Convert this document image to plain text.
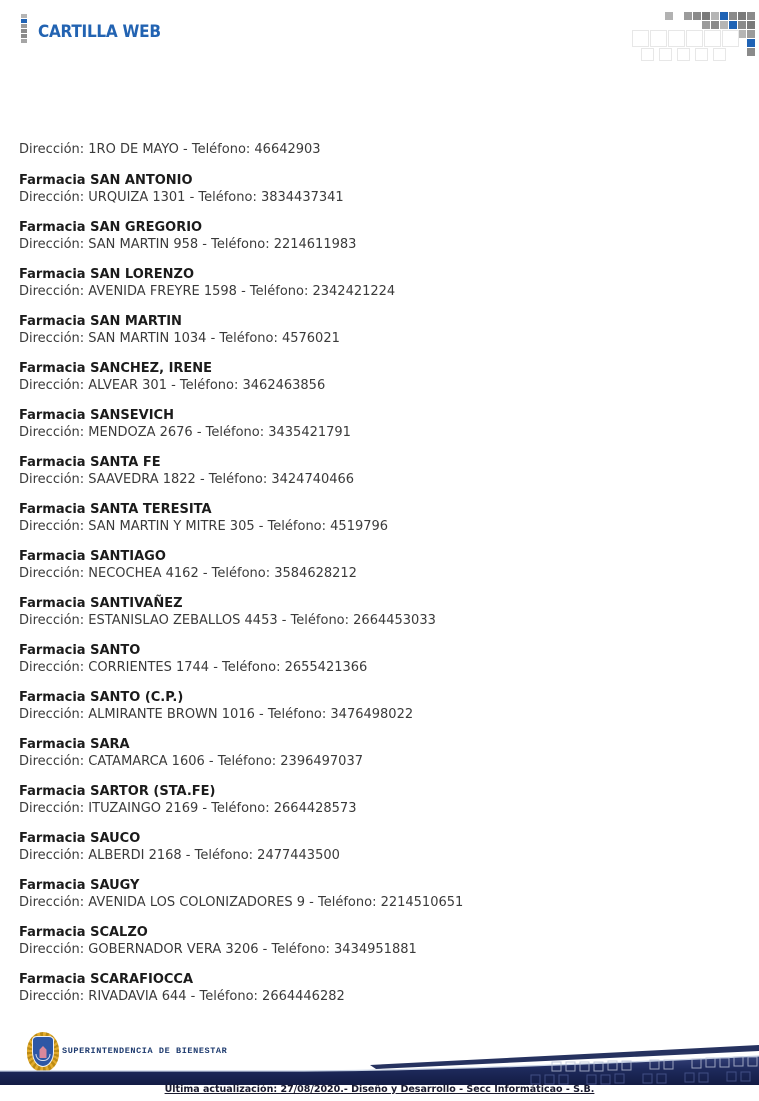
CARTILLA WEB
Dirección: 1RO DE MAYO - Teléfono: 46642903
Farmacia SAN ANTONIO
Dirección: URQUIZA 1301 - Teléfono: 3834437341
Farmacia SAN GREGORIO
Dirección: SAN MARTIN 958 - Teléfono: 2214611983
Farmacia SAN LORENZO
Dirección: AVENIDA FREYRE 1598 - Teléfono: 2342421224
Farmacia SAN MARTIN
Dirección: SAN MARTIN 1034 - Teléfono: 4576021
Farmacia SANCHEZ, IRENE
Dirección: ALVEAR 301 - Teléfono: 3462463856
Farmacia SANSEVICH
Dirección: MENDOZA 2676 - Teléfono: 3435421791
Farmacia SANTA FE
Dirección: SAAVEDRA 1822 - Teléfono: 3424740466
Farmacia SANTA TERESITA
Dirección: SAN MARTIN Y MITRE 305 - Teléfono: 4519796
Farmacia SANTIAGO
Dirección: NECOCHEA 4162 - Teléfono: 3584628212
Farmacia SANTIVAÑEZ
Dirección: ESTANISLAO ZEBALLOS 4453 - Teléfono: 2664453033
Farmacia SANTO
Dirección: CORRIENTES 1744 - Teléfono: 2655421366
Farmacia SANTO (C.P.)
Dirección: ALMIRANTE BROWN 1016 - Teléfono: 3476498022
Farmacia SARA
Dirección: CATAMARCA 1606 - Teléfono: 2396497037
Farmacia SARTOR (STA.FE)
Dirección: ITUZAINGO 2169 - Teléfono: 2664428573
Farmacia SAUCO
Dirección: ALBERDI 2168 - Teléfono: 2477443500
Farmacia SAUGY
Dirección: AVENIDA LOS COLONIZADORES 9 - Teléfono: 2214510651
Farmacia SCALZO
Dirección: GOBERNADOR VERA 3206 - Teléfono: 3434951881
Farmacia SCARAFIOCCA
Dirección: RIVADAVIA 644 - Teléfono: 2664446282
SUPERINTENDENCIA DE BIENESTAR
Última actualización: 27/08/2020.- Diseño y Desarrollo - Secc Informáticao - S.B.
